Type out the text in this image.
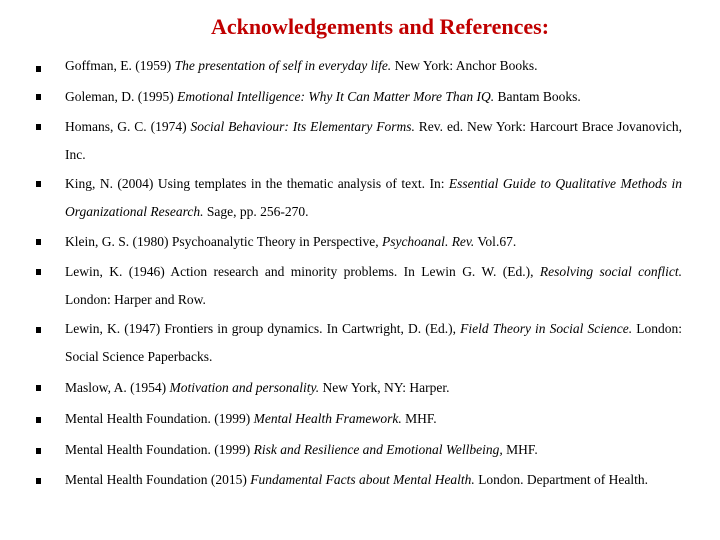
Acknowledgements and References:
Goffman, E. (1959) The presentation of self in everyday life. New York: Anchor Books.
Goleman, D. (1995) Emotional Intelligence: Why It Can Matter More Than IQ. Bantam Books.
Homans, G. C. (1974) Social Behaviour: Its Elementary Forms. Rev. ed. New York: Harcourt Brace Jovanovich, Inc.
King, N. (2004) Using templates in the thematic analysis of text. In: Essential Guide to Qualitative Methods in Organizational Research. Sage, pp. 256-270.
Klein, G. S. (1980) Psychoanalytic Theory in Perspective, Psychoanal. Rev. Vol.67.
Lewin, K. (1946) Action research and minority problems. In Lewin G. W. (Ed.), Resolving social conflict. London: Harper and Row.
Lewin, K. (1947) Frontiers in group dynamics. In Cartwright, D. (Ed.), Field Theory in Social Science. London: Social Science Paperbacks.
Maslow, A. (1954) Motivation and personality. New York, NY: Harper.
Mental Health Foundation. (1999) Mental Health Framework. MHF.
Mental Health Foundation. (1999) Risk and Resilience and Emotional Wellbeing, MHF.
Mental Health Foundation (2015) Fundamental Facts about Mental Health. London. Department of Health.
